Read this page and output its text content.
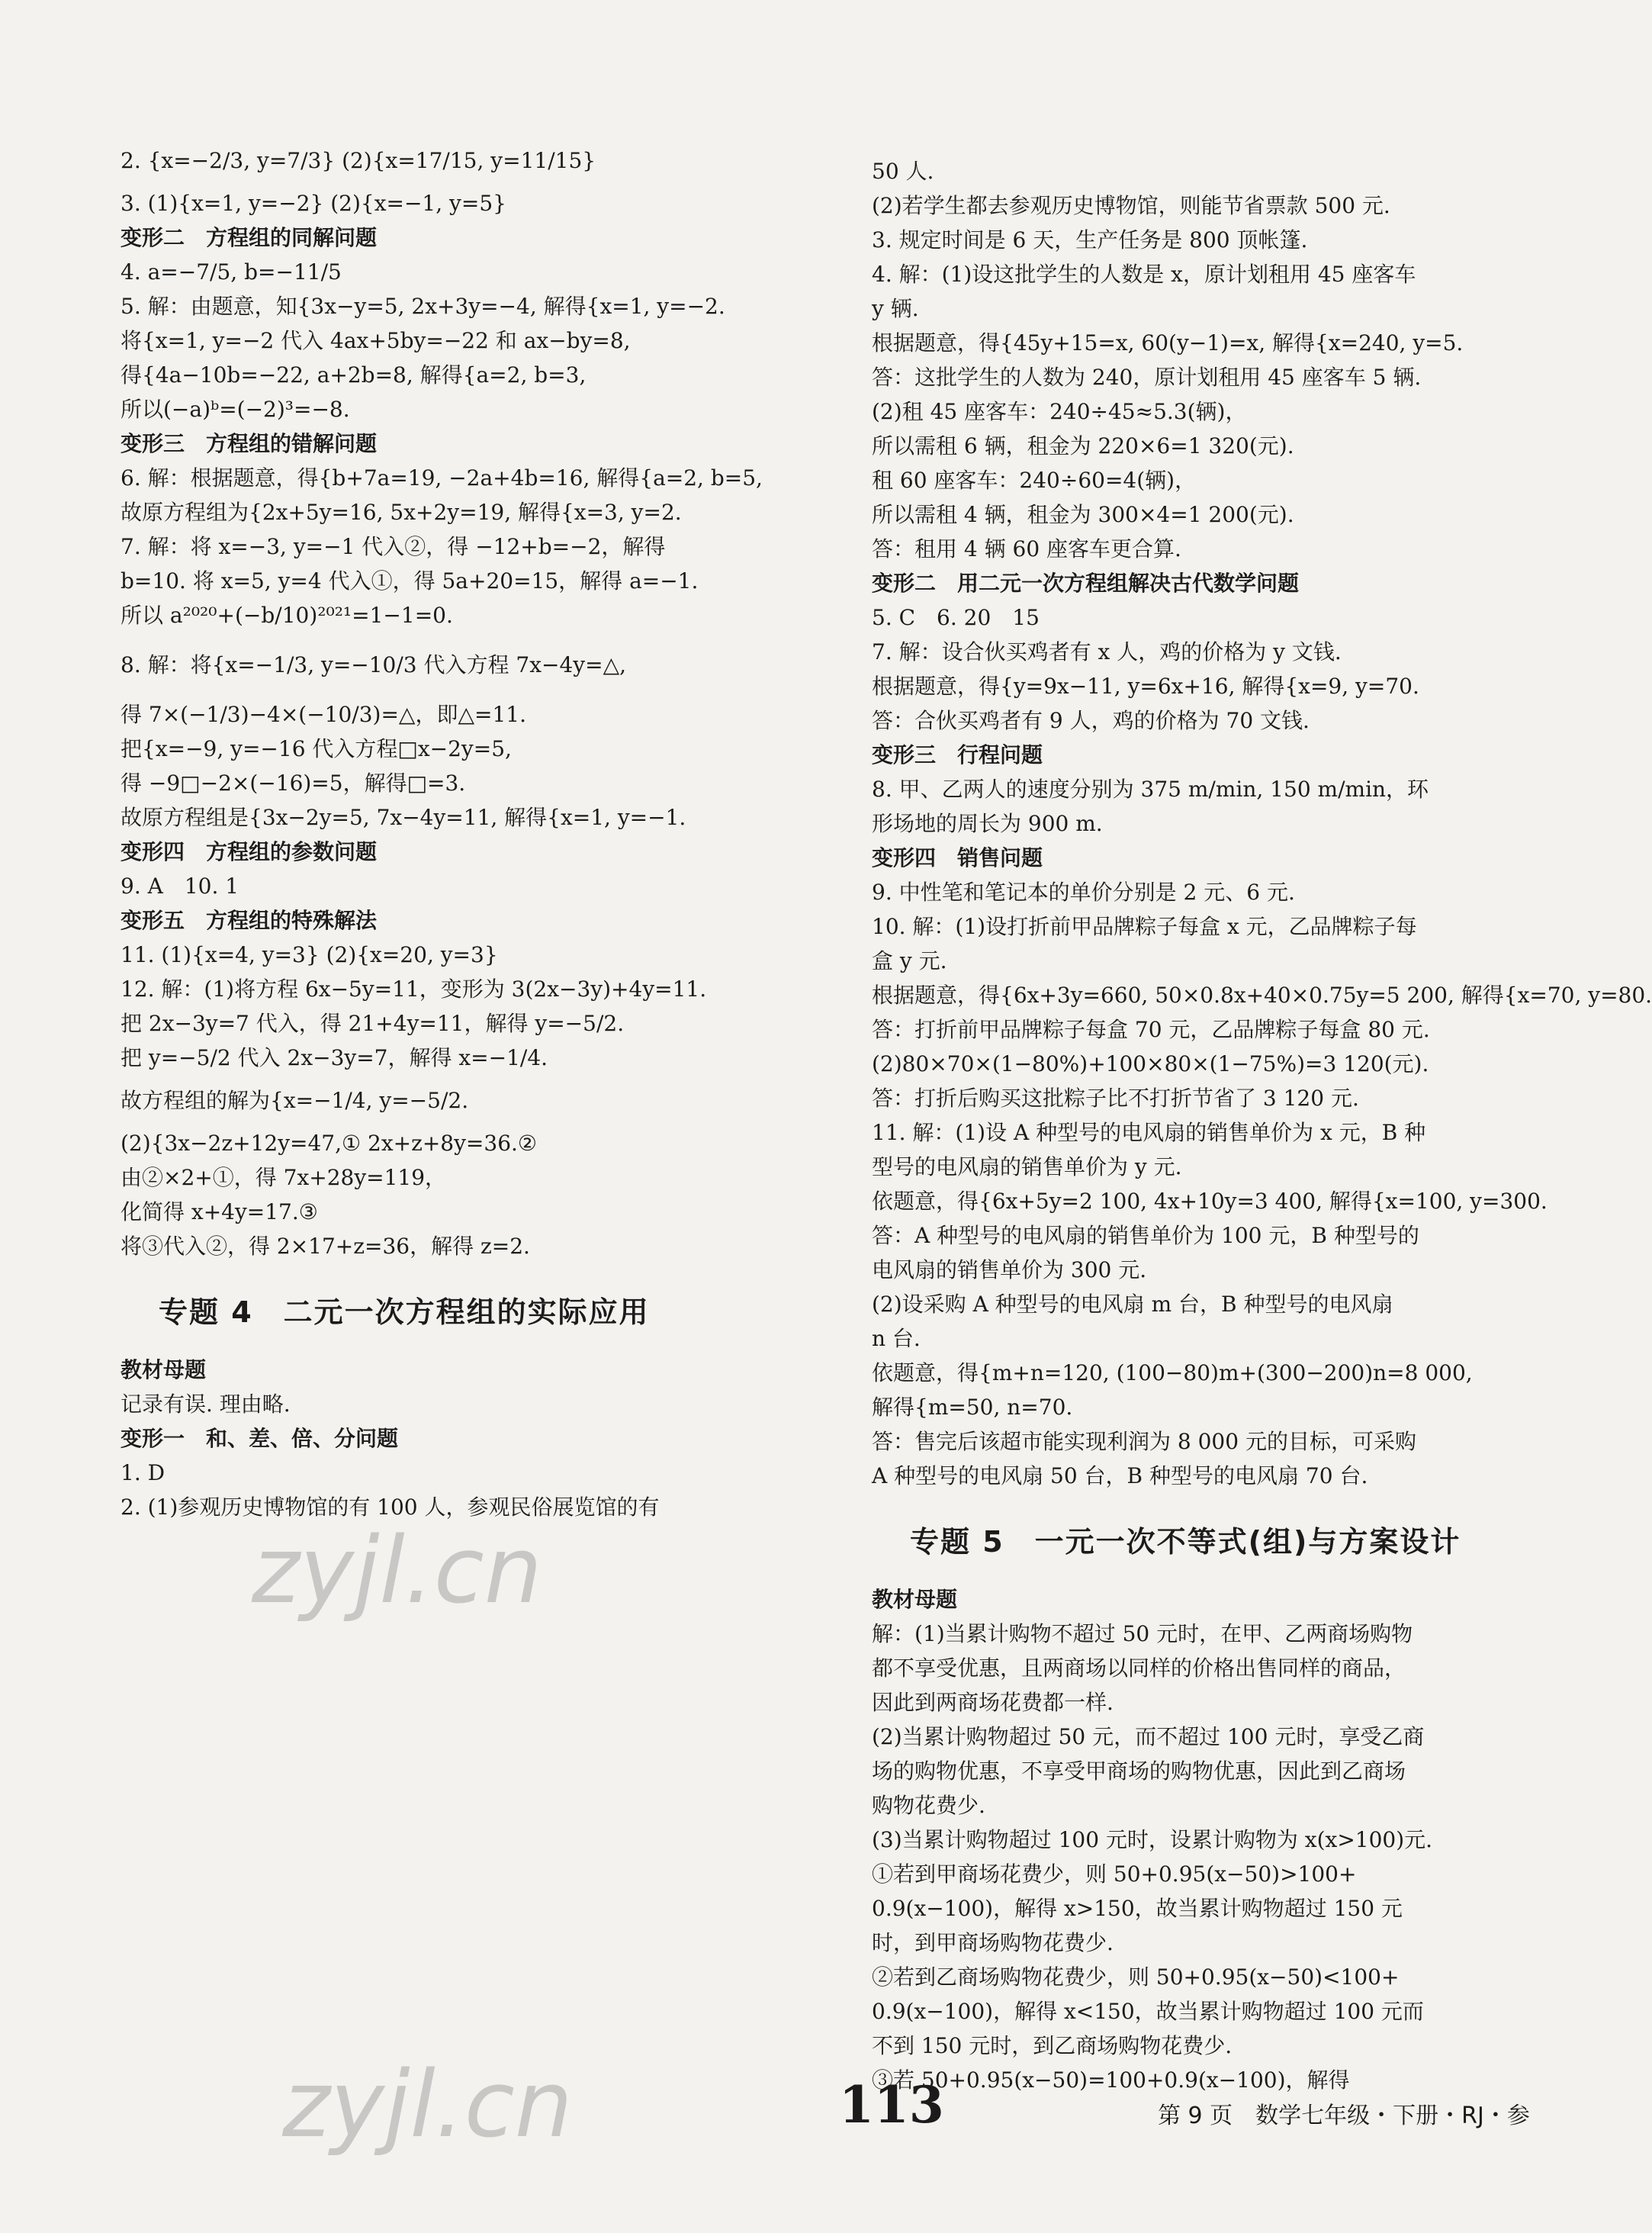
2. {x=−2/3, y=7/3} (2){x=17/15, y=11/15}
3. (1){x=1, y=−2} (2){x=−1, y=5}
变形二　方程组的同解问题
4. a=−7/5, b=−11/5
5. 解：由题意，知{3x−y=5, 2x+3y=−4, 解得{x=1, y=−2.
将{x=1, y=−2 代入 4ax+5by=−22 和 ax−by=8,
得{4a−10b=−22, a+2b=8, 解得{a=2, b=3,
所以(−a)ᵇ=(−2)³=−8.
变形三　方程组的错解问题
6. 解：根据题意，得{b+7a=19, −2a+4b=16, 解得{a=2, b=5,
故原方程组为{2x+5y=16, 5x+2y=19, 解得{x=3, y=2.
7. 解：将 x=−3, y=−1 代入②，得 −12+b=−2，解得
b=10. 将 x=5, y=4 代入①，得 5a+20=15，解得 a=−1.
所以 a²⁰²⁰+(−b/10)²⁰²¹=1−1=0.
8. 解：将{x=−1/3, y=−10/3 代入方程 7x−4y=△,
得 7×(−1/3)−4×(−10/3)=△，即△=11.
把{x=−9, y=−16 代入方程□x−2y=5,
得 −9□−2×(−16)=5，解得□=3.
故原方程组是{3x−2y=5, 7x−4y=11, 解得{x=1, y=−1.
变形四　方程组的参数问题
9. A　10. 1
变形五　方程组的特殊解法
11. (1){x=4, y=3} (2){x=20, y=3}
12. 解：(1)将方程 6x−5y=11，变形为 3(2x−3y)+4y=11.
把 2x−3y=7 代入，得 21+4y=11，解得 y=−5/2.
把 y=−5/2 代入 2x−3y=7，解得 x=−1/4.
故方程组的解为{x=−1/4, y=−5/2.
(2){3x−2z+12y=47,① 2x+z+8y=36.②
由②×2+①，得 7x+28y=119，
化简得 x+4y=17.③
将③代入②，得 2×17+z=36，解得 z=2.
专题 4　二元一次方程组的实际应用
教材母题
记录有误. 理由略.
变形一　和、差、倍、分问题
1. D
2. (1)参观历史博物馆的有 100 人，参观民俗展览馆的有
50 人.
(2)若学生都去参观历史博物馆，则能节省票款 500 元.
3. 规定时间是 6 天，生产任务是 800 顶帐篷.
4. 解：(1)设这批学生的人数是 x，原计划租用 45 座客车
y 辆.
根据题意，得{45y+15=x, 60(y−1)=x, 解得{x=240, y=5.
答：这批学生的人数为 240，原计划租用 45 座客车 5 辆.
(2)租 45 座客车：240÷45≈5.3(辆)，
所以需租 6 辆，租金为 220×6=1 320(元).
租 60 座客车：240÷60=4(辆)，
所以需租 4 辆，租金为 300×4=1 200(元).
答：租用 4 辆 60 座客车更合算.
变形二　用二元一次方程组解决古代数学问题
5. C　6. 20　15
7. 解：设合伙买鸡者有 x 人，鸡的价格为 y 文钱.
根据题意，得{y=9x−11, y=6x+16, 解得{x=9, y=70.
答：合伙买鸡者有 9 人，鸡的价格为 70 文钱.
变形三　行程问题
8. 甲、乙两人的速度分别为 375 m/min, 150 m/min，环
形场地的周长为 900 m.
变形四　销售问题
9. 中性笔和笔记本的单价分别是 2 元、6 元.
10. 解：(1)设打折前甲品牌粽子每盒 x 元，乙品牌粽子每
盒 y 元.
根据题意，得{6x+3y=660, 50×0.8x+40×0.75y=5 200, 解得{x=70, y=80.
答：打折前甲品牌粽子每盒 70 元，乙品牌粽子每盒 80 元.
(2)80×70×(1−80%)+100×80×(1−75%)=3 120(元).
答：打折后购买这批粽子比不打折节省了 3 120 元.
11. 解：(1)设 A 种型号的电风扇的销售单价为 x 元，B 种
型号的电风扇的销售单价为 y 元.
依题意，得{6x+5y=2 100, 4x+10y=3 400, 解得{x=100, y=300.
答：A 种型号的电风扇的销售单价为 100 元，B 种型号的
电风扇的销售单价为 300 元.
(2)设采购 A 种型号的电风扇 m 台，B 种型号的电风扇
n 台.
依题意，得{m+n=120, (100−80)m+(300−200)n=8 000,
解得{m=50, n=70.
答：售完后该超市能实现利润为 8 000 元的目标，可采购
A 种型号的电风扇 50 台，B 种型号的电风扇 70 台.
专题 5　一元一次不等式(组)与方案设计
教材母题
解：(1)当累计购物不超过 50 元时，在甲、乙两商场购物
都不享受优惠，且两商场以同样的价格出售同样的商品，
因此到两商场花费都一样.
(2)当累计购物超过 50 元，而不超过 100 元时，享受乙商
场的购物优惠，不享受甲商场的购物优惠，因此到乙商场
购物花费少.
(3)当累计购物超过 100 元时，设累计购物为 x(x>100)元.
①若到甲商场花费少，则 50+0.95(x−50)>100+
0.9(x−100)，解得 x>150，故当累计购物超过 150 元
时，到甲商场购物花费少.
②若到乙商场购物花费少，则 50+0.95(x−50)<100+
0.9(x−100)，解得 x<150，故当累计购物超过 100 元而
不到 150 元时，到乙商场购物花费少.
③若 50+0.95(x−50)=100+0.9(x−100)，解得
zyjl.cn
zyjl.cn	113	第 9 页　数学七年级・下册・RJ・参
